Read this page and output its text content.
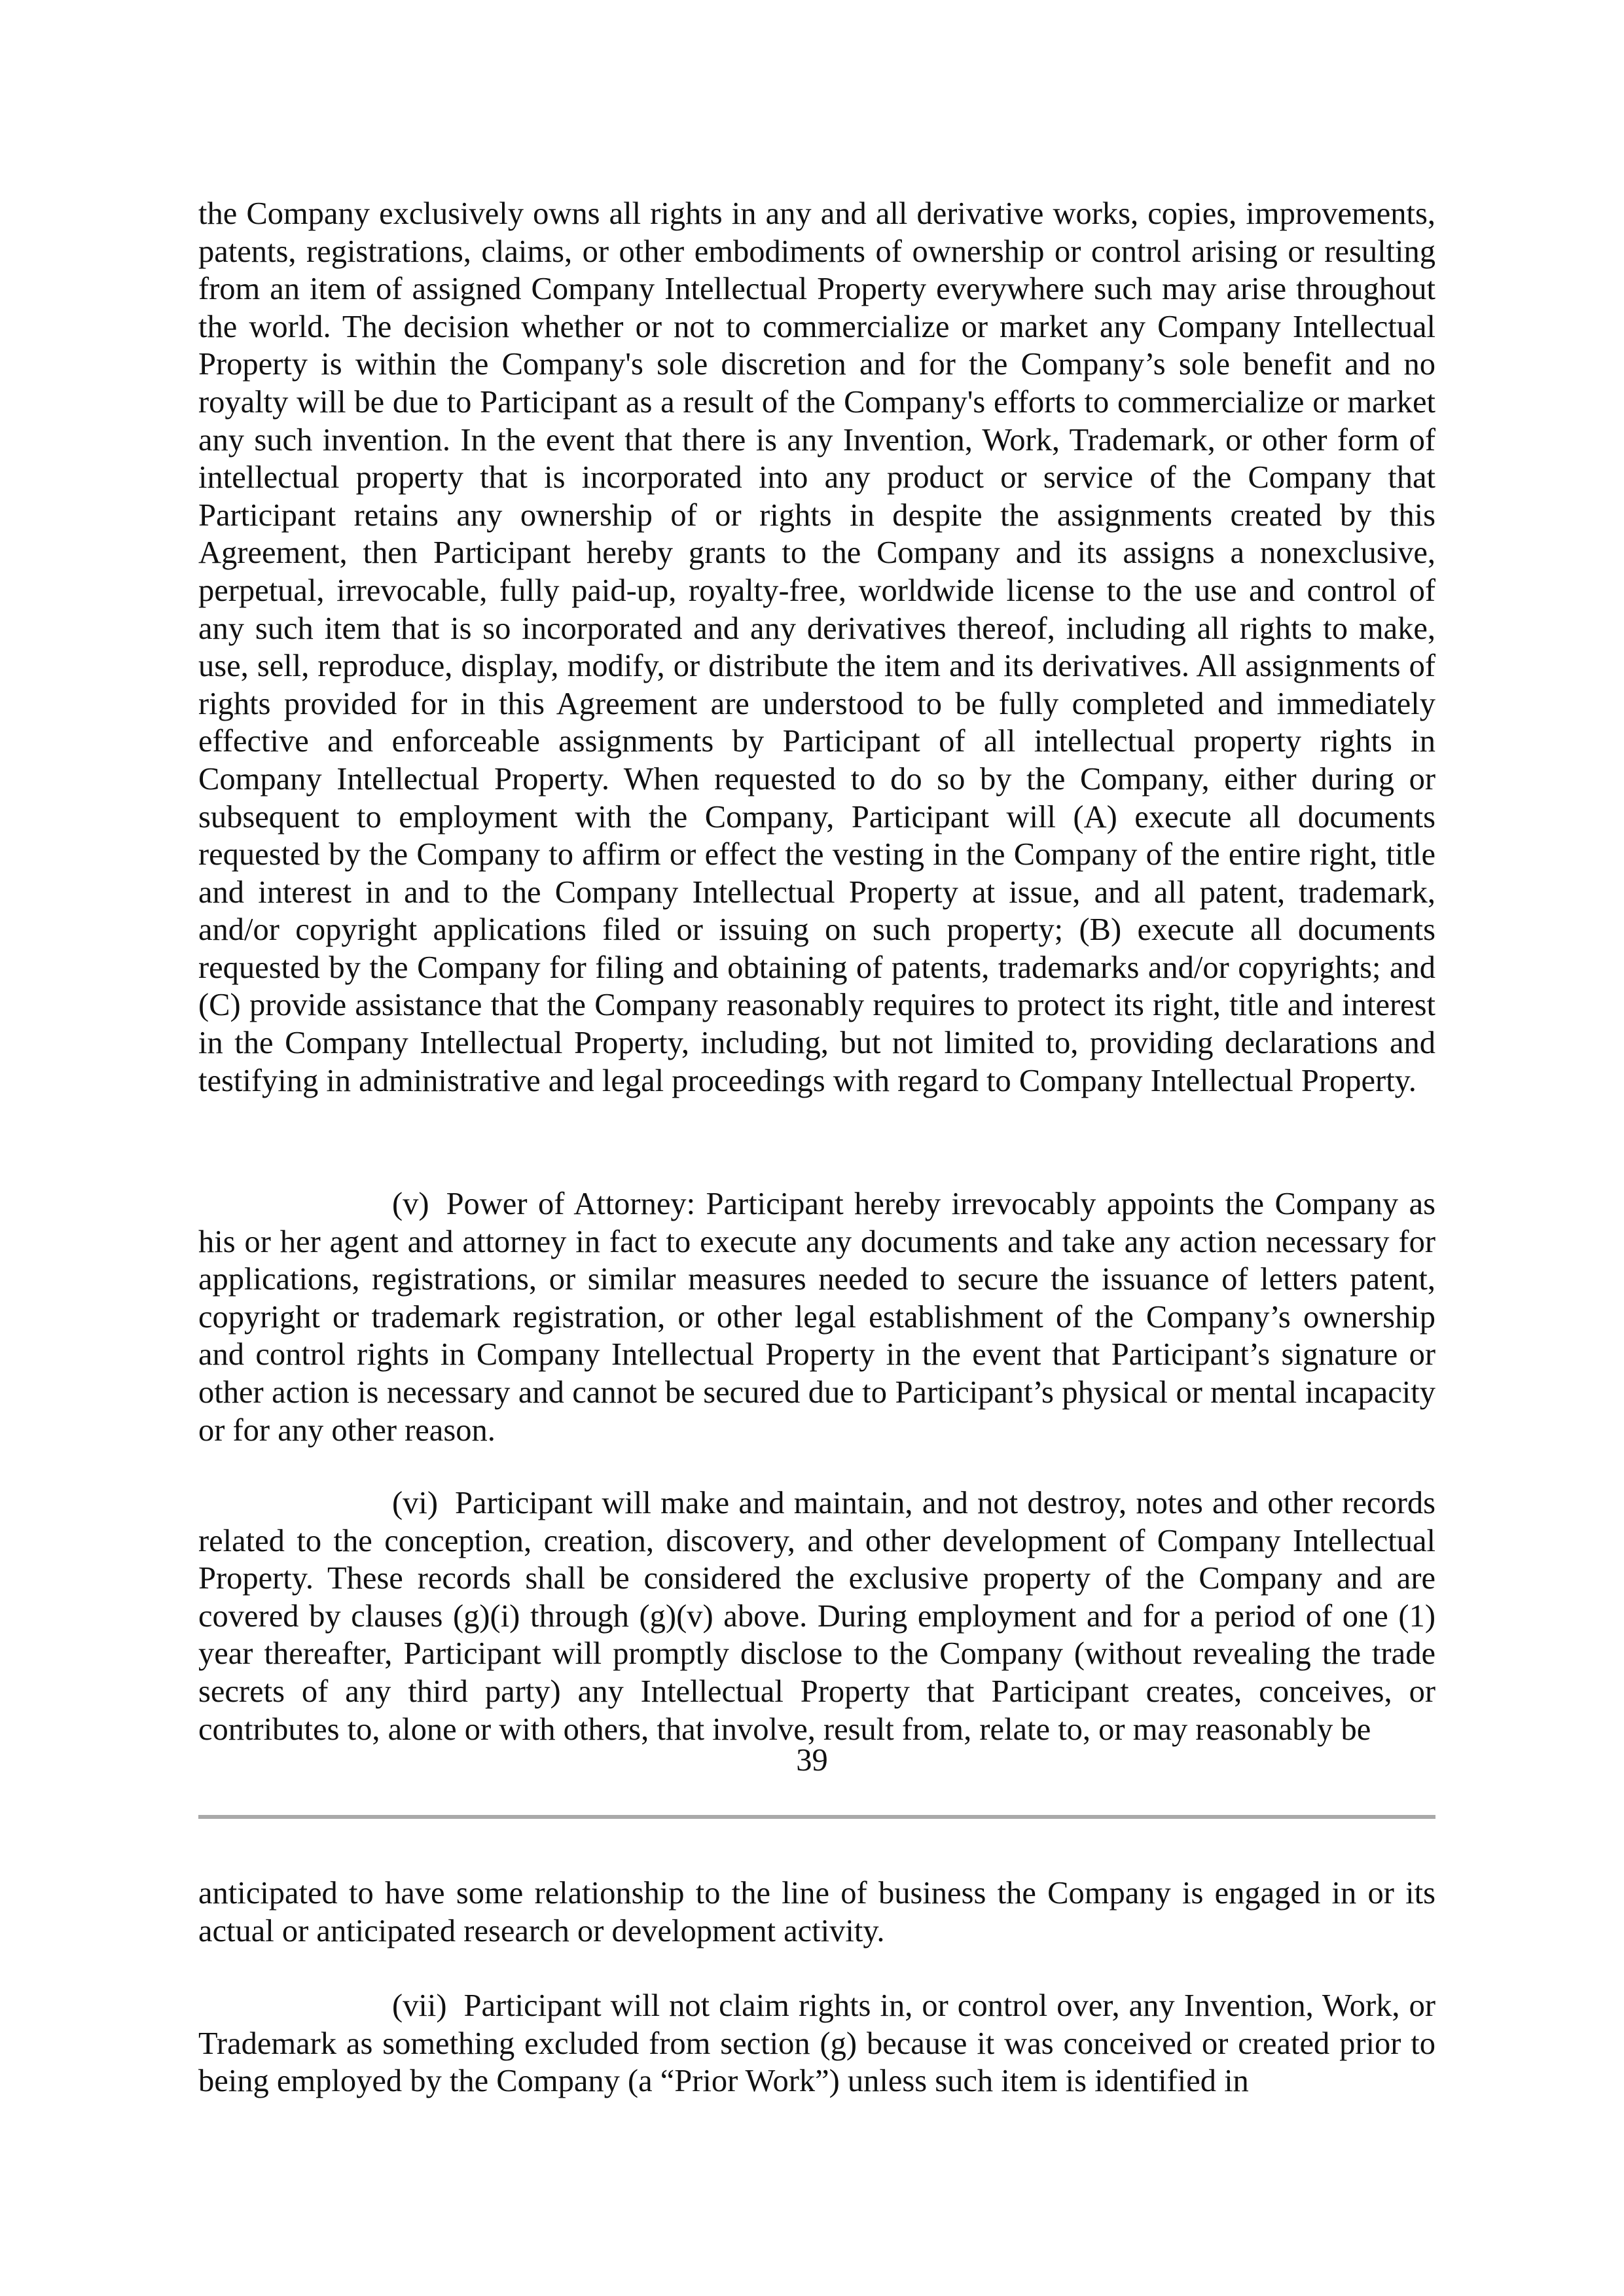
the Company exclusively owns all rights in any and all derivative works, copies, improvements, patents, registrations, claims, or other embodiments of ownership or control arising or resulting from an item of assigned Company Intellectual Property everywhere such may arise throughout the world. The decision whether or not to commercialize or market any Company Intellectual Property is within the Company's sole discretion and for the Company’s sole benefit and no royalty will be due to Participant as a result of the Company's efforts to commercialize or market any such invention. In the event that there is any Invention, Work, Trademark, or other form of intellectual property that is incorporated into any product or service of the Company that Participant retains any ownership of or rights in despite the assignments created by this Agreement, then Participant hereby grants to the Company and its assigns a nonexclusive, perpetual, irrevocable, fully paid-up, royalty-free, worldwide license to the use and control of any such item that is so incorporated and any derivatives thereof, including all rights to make, use, sell, reproduce, display, modify, or distribute the item and its derivatives. All assignments of rights provided for in this Agreement are understood to be fully completed and immediately effective and enforceable assignments by Participant of all intellectual property rights in Company Intellectual Property. When requested to do so by the Company, either during or subsequent to employment with the Company, Participant will (A) execute all documents requested by the Company to affirm or effect the vesting in the Company of the entire right, title and interest in and to the Company Intellectual Property at issue, and all patent, trademark, and/or copyright applications filed or issuing on such property; (B) execute all documents requested by the Company for filing and obtaining of patents, trademarks and/or copyrights; and (C) provide assistance that the Company reasonably requires to protect its right, title and interest in the Company Intellectual Property, including, but not limited to, providing declarations and testifying in administrative and legal proceedings with regard to Company Intellectual Property.

(v) Power of Attorney: Participant hereby irrevocably appoints the Company as his or her agent and attorney in fact to execute any documents and take any action necessary for applications, registrations, or similar measures needed to secure the issuance of letters patent, copyright or trademark registration, or other legal establishment of the Company’s ownership and control rights in Company Intellectual Property in the event that Participant’s signature or other action is necessary and cannot be secured due to Participant’s physical or mental incapacity or for any other reason.

(vi) Participant will make and maintain, and not destroy, notes and other records related to the conception, creation, discovery, and other development of Company Intellectual Property. These records shall be considered the exclusive property of the Company and are covered by clauses (g)(i) through (g)(v) above. During employment and for a period of one (1) year thereafter, Participant will promptly disclose to the Company (without revealing the trade secrets of any third party) any Intellectual Property that Participant creates, conceives, or contributes to, alone or with others, that involve, result from, relate to, or may reasonably be

39

anticipated to have some relationship to the line of business the Company is engaged in or its actual or anticipated research or development activity.

(vii) Participant will not claim rights in, or control over, any Invention, Work, or Trademark as something excluded from section (g) because it was conceived or created prior to being employed by the Company (a “Prior Work”) unless such item is identified in
